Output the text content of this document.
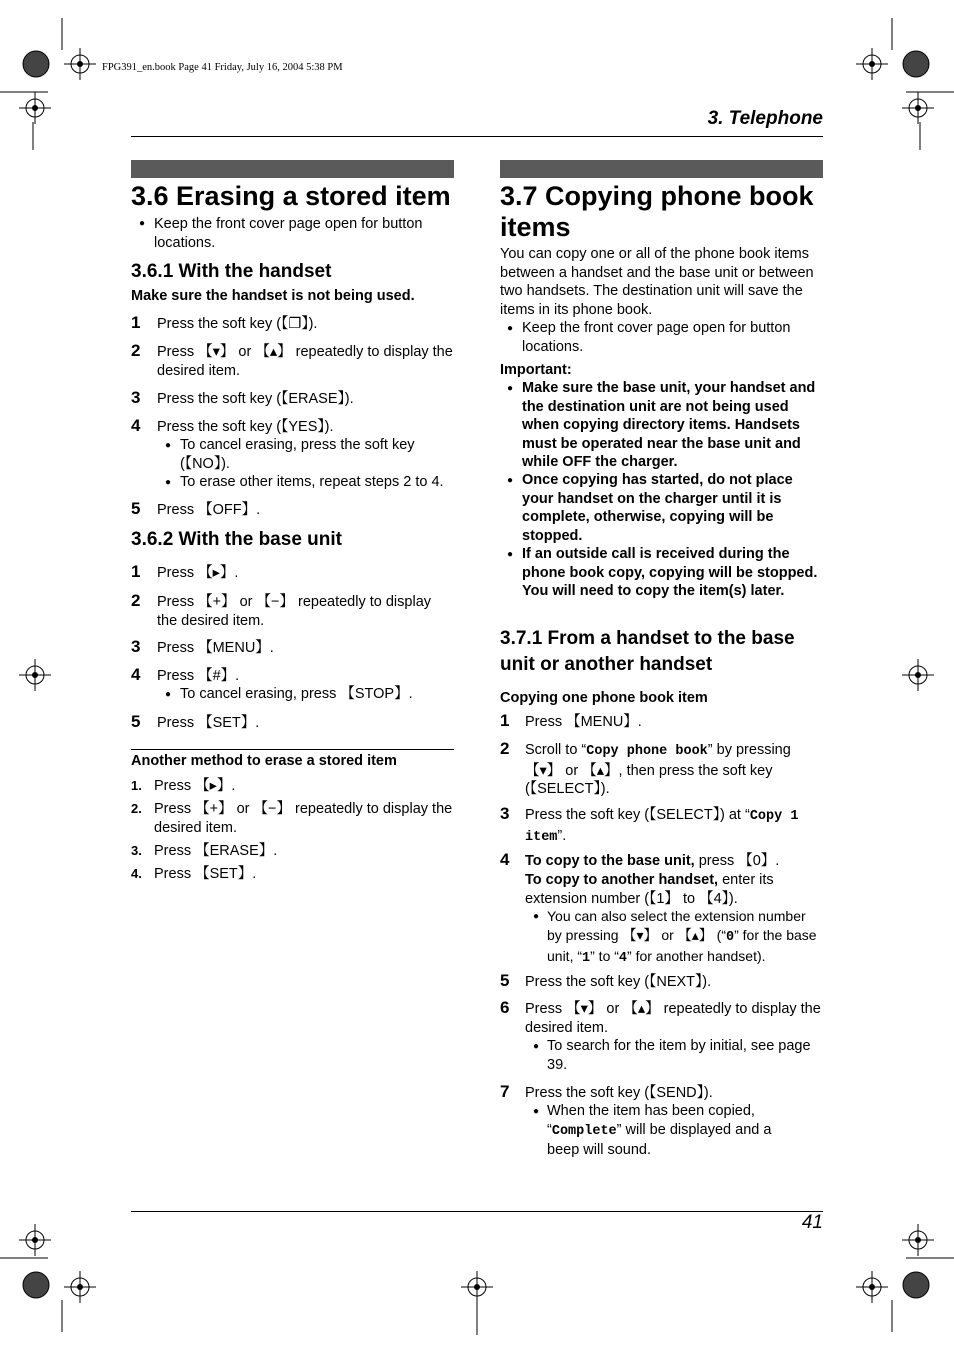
FPG391_en.book Page 41 Friday, July 16, 2004 5:38 PM
3. Telephone
3.6 Erasing a stored item
● Keep the front cover page open for button locations.
3.6.1 With the handset
Make sure the handset is not being used.
1 Press the soft key (【❐】).
2 Press 【▾】 or 【▴】 repeatedly to display the desired item.
3 Press the soft key (【ERASE】).
4 Press the soft key (【YES】).
● To cancel erasing, press the soft key (【NO】).
● To erase other items, repeat steps 2 to 4.
5 Press 【OFF】.
3.6.2 With the base unit
1 Press 【▸】.
2 Press 【+】 or 【−】 repeatedly to display the desired item.
3 Press 【MENU】.
4 Press 【#】.
● To cancel erasing, press 【STOP】.
5 Press 【SET】.
Another method to erase a stored item
1. Press 【▸】.
2. Press 【+】 or 【−】 repeatedly to display the desired item.
3. Press 【ERASE】.
4. Press 【SET】.
3.7 Copying phone book
items
You can copy one or all of the phone book items between a handset and the base unit or between two handsets. The destination unit will save the items in its phone book.
● Keep the front cover page open for button locations.
Important:
● Make sure the base unit, your handset and the destination unit are not being used when copying directory items. Handsets must be operated near the base unit and while OFF the charger.
● Once copying has started, do not place your handset on the charger until it is complete, otherwise, copying will be stopped.
● If an outside call is received during the phone book copy, copying will be stopped. You will need to copy the item(s) later.
3.7.1 From a handset to the base
unit or another handset
Copying one phone book item
1 Press 【MENU】.
2 Scroll to “Copy phone book” by pressing 【▾】 or 【▴】, then press the soft key (【SELECT】).
3 Press the soft key (【SELECT】) at “Copy 1 item”.
4 To copy to the base unit, press 【0】.
To copy to another handset, enter its extension number (【1】 to 【4】).
● You can also select the extension number by pressing 【▾】 or 【▴】 (“0” for the base unit, “1” to “4” for another handset).
5 Press the soft key (【NEXT】).
6 Press 【▾】 or 【▴】 repeatedly to display the desired item.
● To search for the item by initial, see page 39.
7 Press the soft key (【SEND】).
● When the item has been copied, “Complete” will be displayed and a beep will sound.
41
